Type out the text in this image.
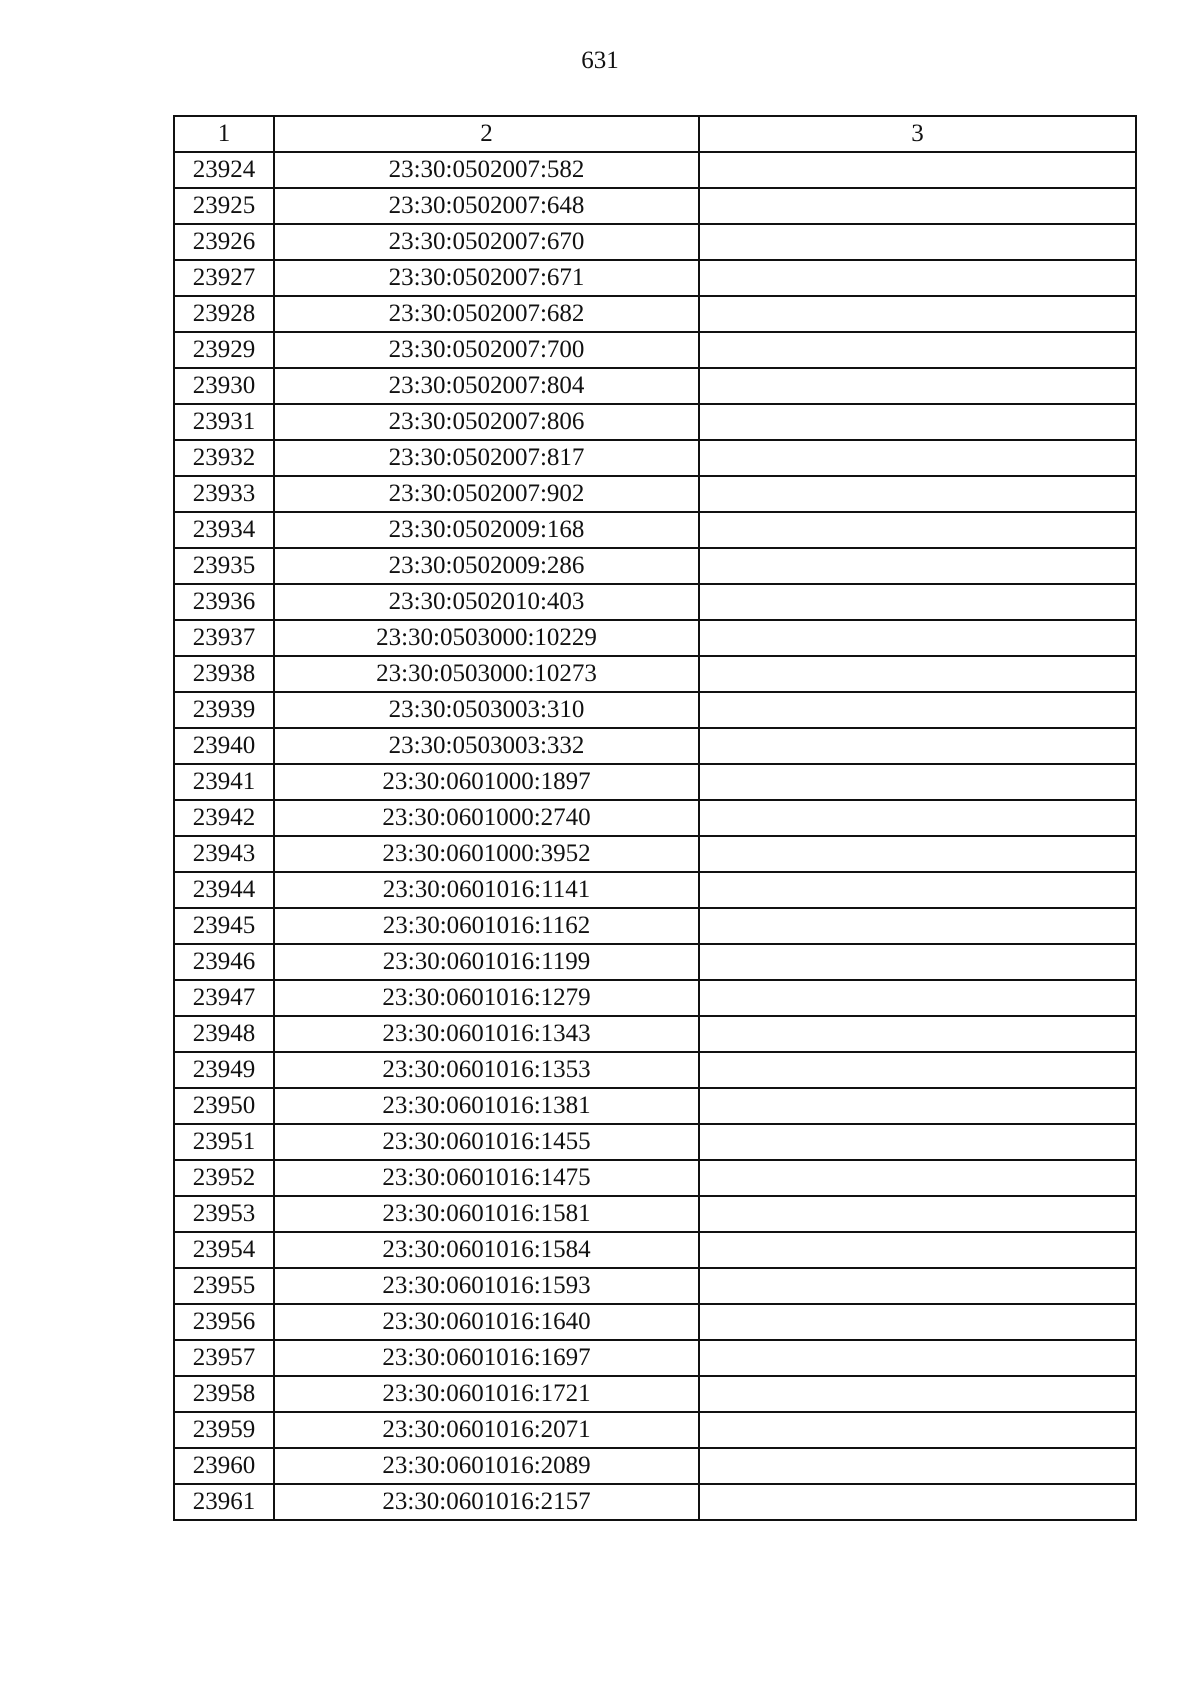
631
1	2	3
23924	23:30:0502007:582	
23925	23:30:0502007:648	
23926	23:30:0502007:670	
23927	23:30:0502007:671	
23928	23:30:0502007:682	
23929	23:30:0502007:700	
23930	23:30:0502007:804	
23931	23:30:0502007:806	
23932	23:30:0502007:817	
23933	23:30:0502007:902	
23934	23:30:0502009:168	
23935	23:30:0502009:286	
23936	23:30:0502010:403	
23937	23:30:0503000:10229	
23938	23:30:0503000:10273	
23939	23:30:0503003:310	
23940	23:30:0503003:332	
23941	23:30:0601000:1897	
23942	23:30:0601000:2740	
23943	23:30:0601000:3952	
23944	23:30:0601016:1141	
23945	23:30:0601016:1162	
23946	23:30:0601016:1199	
23947	23:30:0601016:1279	
23948	23:30:0601016:1343	
23949	23:30:0601016:1353	
23950	23:30:0601016:1381	
23951	23:30:0601016:1455	
23952	23:30:0601016:1475	
23953	23:30:0601016:1581	
23954	23:30:0601016:1584	
23955	23:30:0601016:1593	
23956	23:30:0601016:1640	
23957	23:30:0601016:1697	
23958	23:30:0601016:1721	
23959	23:30:0601016:2071	
23960	23:30:0601016:2089	
23961	23:30:0601016:2157	
